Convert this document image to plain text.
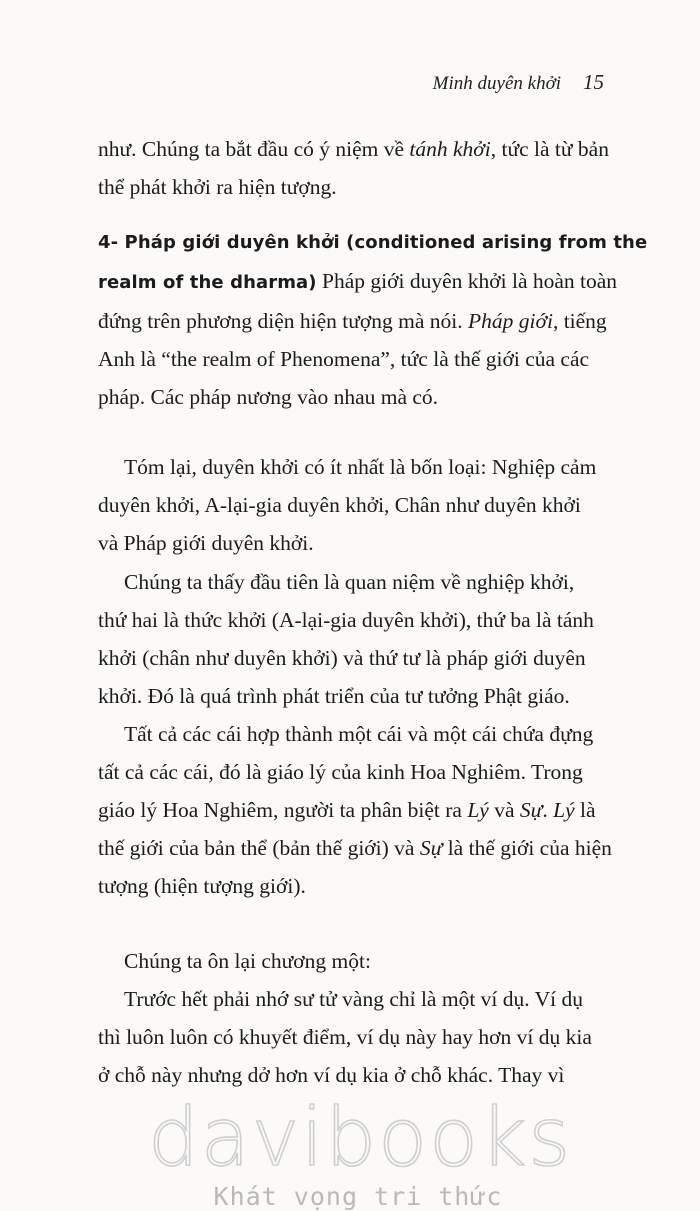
Minh duyên khởi 15
như. Chúng ta bắt đầu có ý niệm về tánh khởi, tức là từ bản
thể phát khởi ra hiện tượng.
4- Pháp giới duyên khởi (conditioned arising from the
realm of the dharma) Pháp giới duyên khởi là hoàn toàn
đứng trên phương diện hiện tượng mà nói. Pháp giới, tiếng
Anh là “the realm of Phenomena”, tức là thế giới của các
pháp. Các pháp nương vào nhau mà có.
Tóm lại, duyên khởi có ít nhất là bốn loại: Nghiệp cảm
duyên khởi, A-lại-gia duyên khởi, Chân như duyên khởi
và Pháp giới duyên khởi.
Chúng ta thấy đầu tiên là quan niệm về nghiệp khởi,
thứ hai là thức khởi (A-lại-gia duyên khởi), thứ ba là tánh
khởi (chân như duyên khởi) và thứ tư là pháp giới duyên
khởi. Đó là quá trình phát triển của tư tưởng Phật giáo.
Tất cả các cái hợp thành một cái và một cái chứa đựng
tất cả các cái, đó là giáo lý của kinh Hoa Nghiêm. Trong
giáo lý Hoa Nghiêm, người ta phân biệt ra Lý và Sự. Lý là
thế giới của bản thể (bản thế giới) và Sự là thế giới của hiện
tượng (hiện tượng giới).
Chúng ta ôn lại chương một:
Trước hết phải nhớ sư tử vàng chỉ là một ví dụ. Ví dụ
thì luôn luôn có khuyết điểm, ví dụ này hay hơn ví dụ kia
ở chỗ này nhưng dở hơn ví dụ kia ở chỗ khác. Thay vì
davibooks
Khát vọng tri thức
